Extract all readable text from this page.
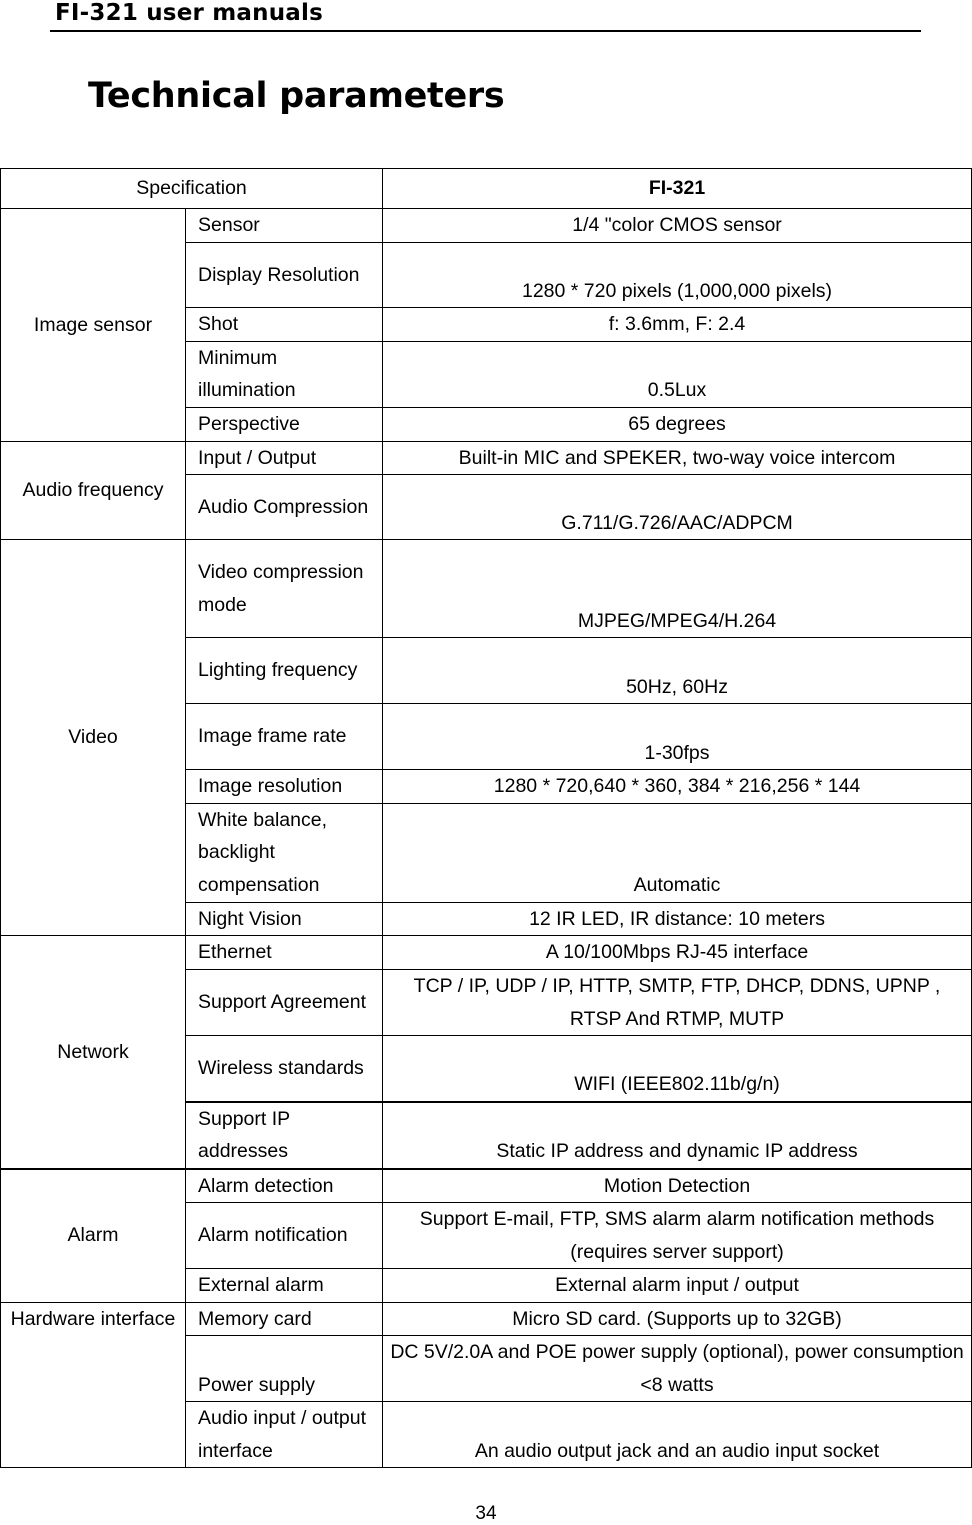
FI-321 user manuals
Technical parameters
Specification		FI-321
Image sensor	Sensor	1/4 "color CMOS sensor
	Display Resolution	1280 * 720 pixels (1,000,000 pixels)
	Shot	f: 3.6mm, F: 2.4
	Minimum illumination	0.5Lux
	Perspective	65 degrees
Audio frequency	Input / Output	Built-in MIC and SPEKER, two-way voice intercom
	Audio Compression	G.711/G.726/AAC/ADPCM
Video	Video compression mode	MJPEG/MPEG4/H.264
	Lighting frequency	50Hz, 60Hz
	Image frame rate	1-30fps
	Image resolution	1280 * 720,640 * 360, 384 * 216,256 * 144
	White balance, backlight compensation	Automatic
	Night Vision	12 IR LED, IR distance: 10 meters
Network	Ethernet	A 10/100Mbps RJ-45 interface
	Support Agreement	TCP / IP, UDP / IP, HTTP, SMTP, FTP, DHCP, DDNS, UPNP , RTSP And RTMP, MUTP
	Wireless standards	WIFI (IEEE802.11b/g/n)
	Support IP addresses	Static IP address and dynamic IP address
Alarm	Alarm detection	Motion Detection
	Alarm notification	Support E-mail, FTP, SMS alarm alarm notification methods (requires server support)
	External alarm	External alarm input / output
Hardware interface	Memory card	Micro SD card. (Supports up to 32GB)
	Power supply	DC 5V/2.0A and POE power supply (optional), power consumption <8 watts
	Audio input / output interface	An audio output jack and an audio input socket
34
